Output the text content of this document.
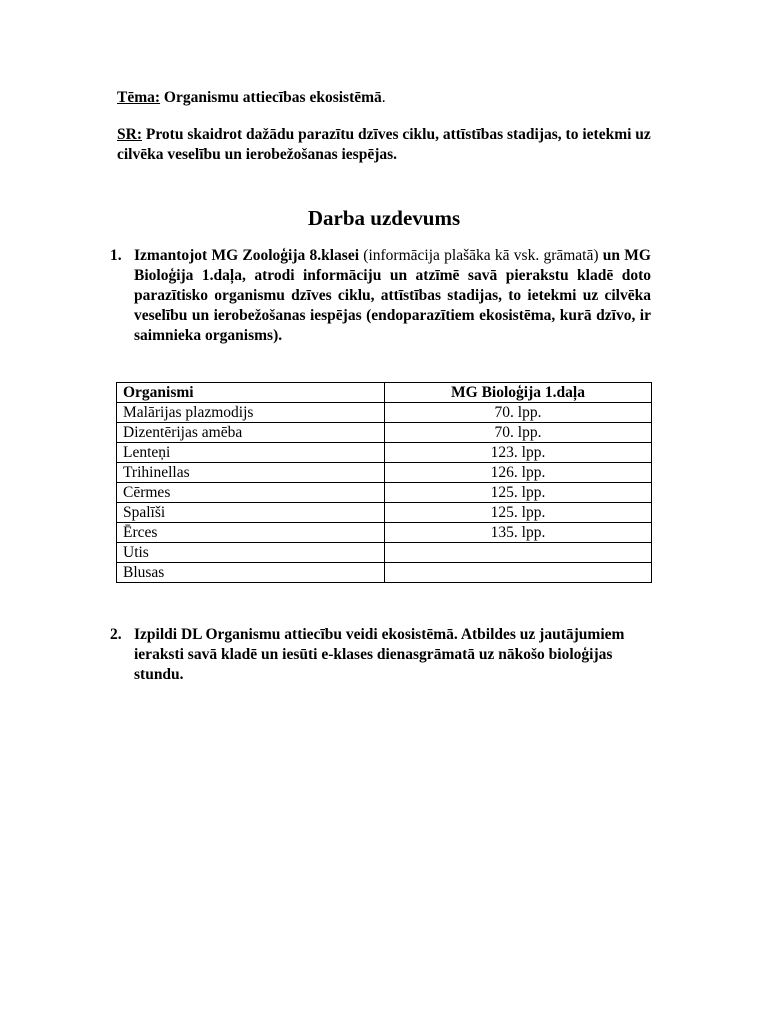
Tēma: Organismu attiecības ekosistēmā.
SR: Protu skaidrot dažādu parazītu dzīves ciklu, attīstības stadijas, to ietekmi uz cilvēka veselību un ierobežošanas iespējas.
Darba uzdevums
1. Izmantojot MG Zooloģija 8.klasei (informācija plašāka kā vsk. grāmatā) un MG Bioloģija 1.daļa, atrodi informāciju un atzīmē savā pierakstu kladē doto parazītisko organismu dzīves ciklu, attīstības stadijas, to ietekmi uz cilvēka veselību un ierobežošanas iespējas (endoparazītiem ekosistēma, kurā dzīvo, ir saimnieka organisms).
Organismi	MG Bioloģija 1.daļa
Malārijas plazmodijs	70. lpp.
Dizentērijas amēba	70. lpp.
Lenteņi	123. lpp.
Trihinellas	126. lpp.
Cērmes	125. lpp.
Spalīši	125. lpp.
Ērces	135. lpp.
Utis	
Blusas	
2. Izpildi DL Organismu attiecību veidi ekosistēmā. Atbildes uz jautājumiem ieraksti savā kladē un iesūti e-klases dienasgrāmatā uz nākošo bioloģijas stundu.
